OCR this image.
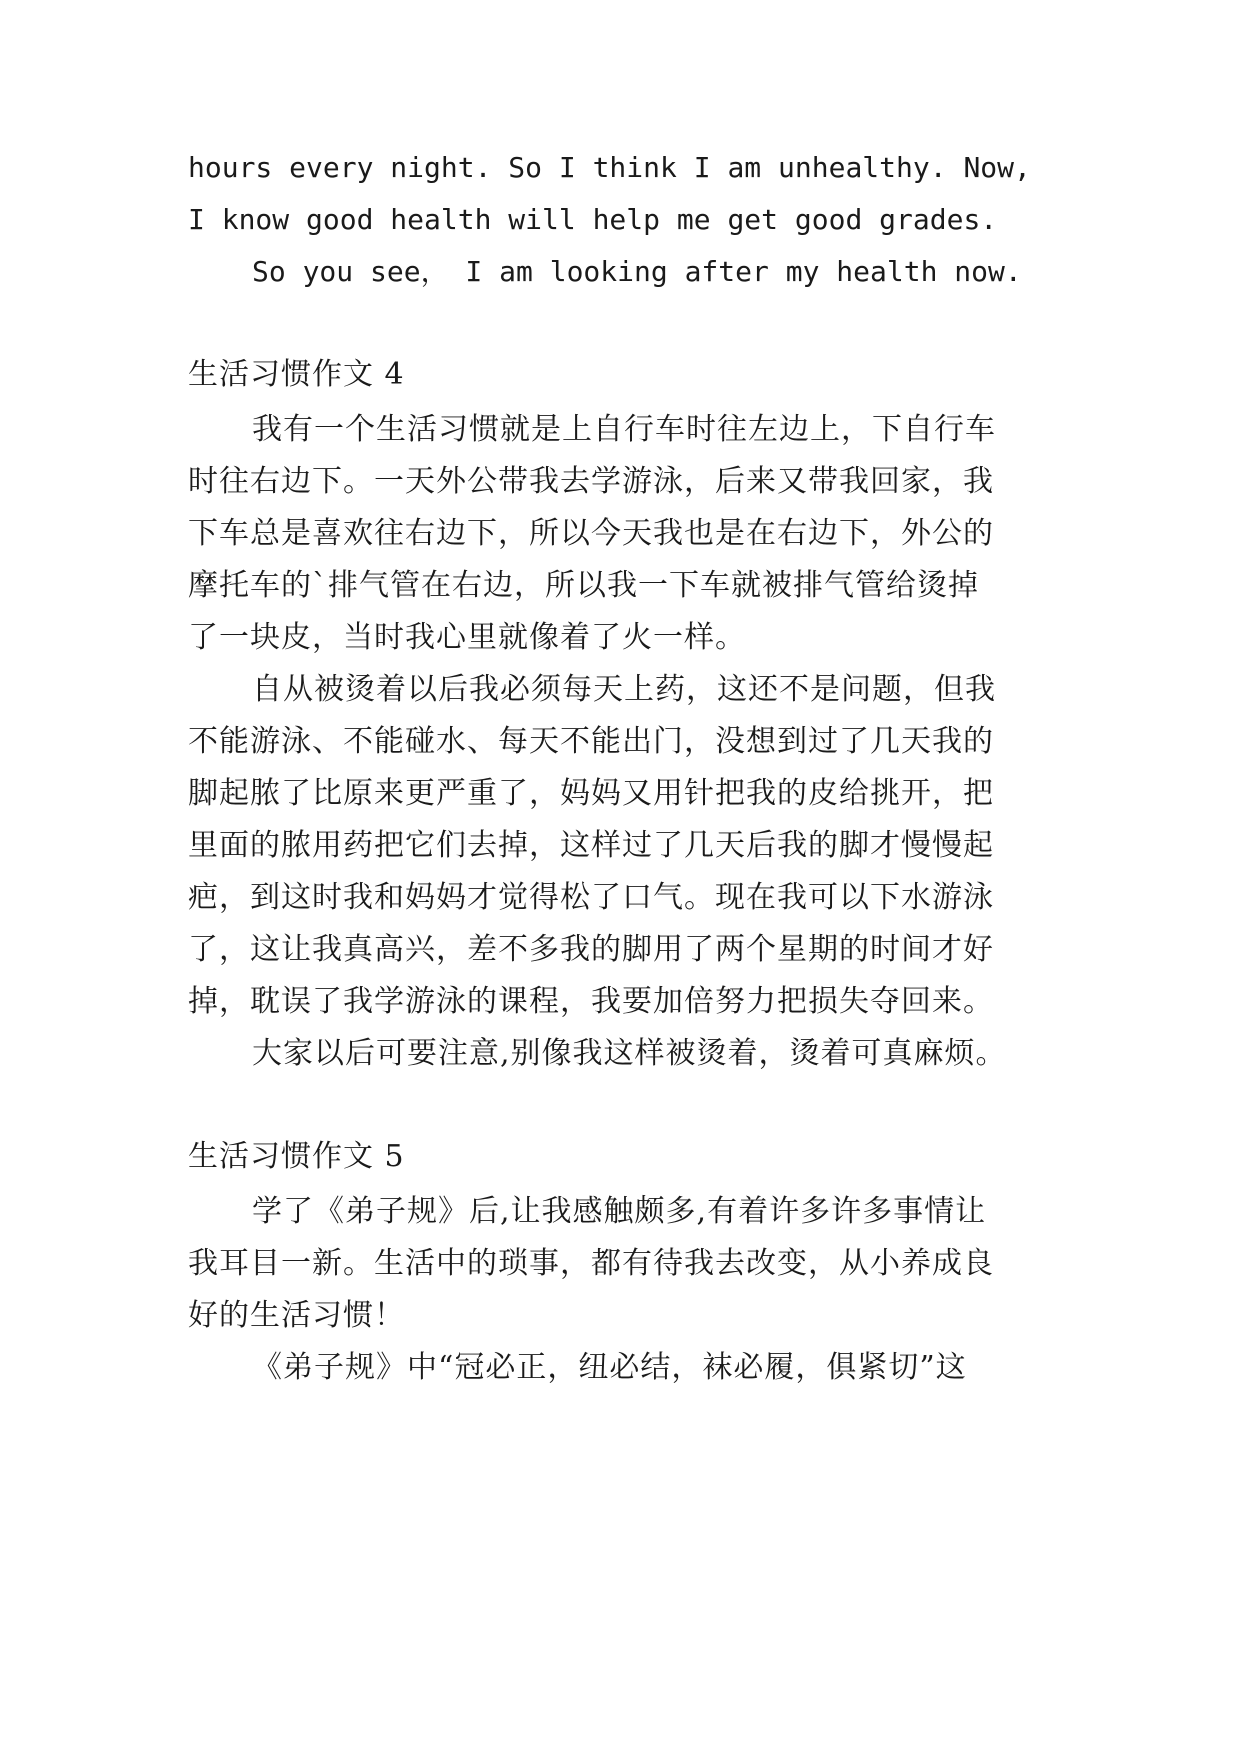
hours every night. So I think I am unhealthy. Now,
I know good health will help me get good grades.
So you see， I am looking after my health now.
生活习惯作文 4
我有一个生活习惯就是上自行车时往左边上，下自行车
时往右边下。一天外公带我去学游泳，后来又带我回家，我
下车总是喜欢往右边下，所以今天我也是在右边下，外公的
摩托车的`排气管在右边，所以我一下车就被排气管给烫掉
了一块皮，当时我心里就像着了火一样。
自从被烫着以后我必须每天上药，这还不是问题，但我
不能游泳、不能碰水、每天不能出门，没想到过了几天我的
脚起脓了比原来更严重了，妈妈又用针把我的皮给挑开，把
里面的脓用药把它们去掉，这样过了几天后我的脚才慢慢起
疤，到这时我和妈妈才觉得松了口气。现在我可以下水游泳
了，这让我真高兴，差不多我的脚用了两个星期的时间才好
掉，耽误了我学游泳的课程，我要加倍努力把损失夺回来。
大家以后可要注意,别像我这样被烫着，烫着可真麻烦。
生活习惯作文 5
学了《弟子规》后,让我感触颇多,有着许多许多事情让
我耳目一新。生活中的琐事，都有待我去改变，从小养成良
好的生活习惯！
《弟子规》中“冠必正，纽必结，袜必履，俱紧切”这
